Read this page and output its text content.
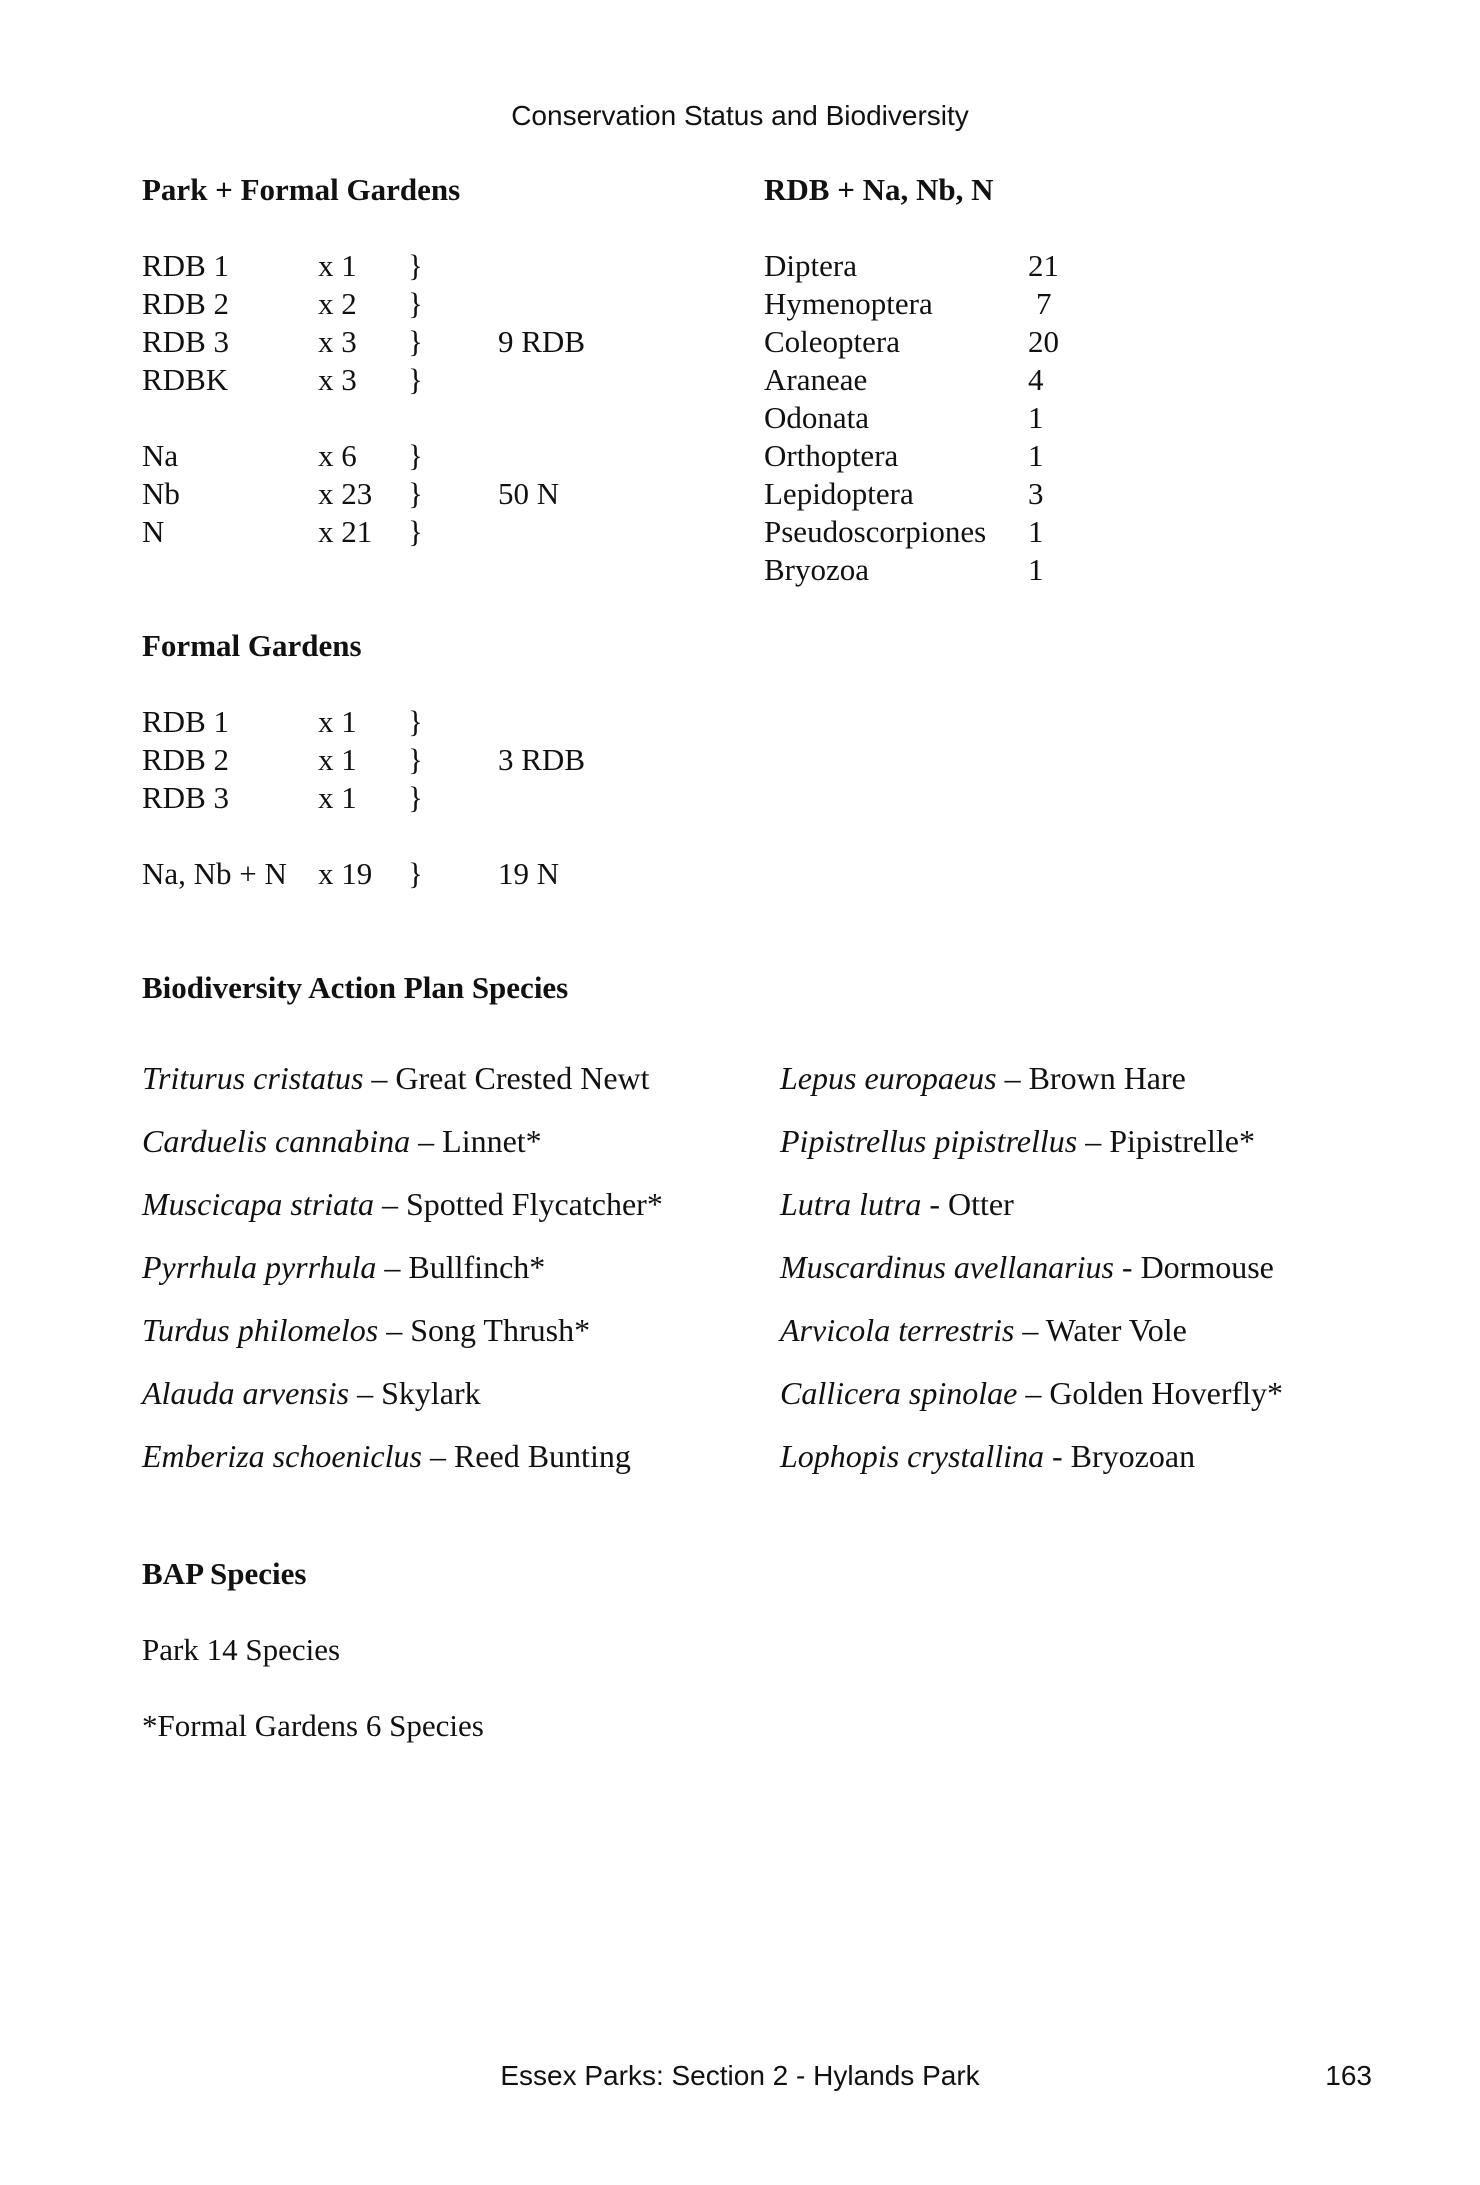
Conservation Status and Biodiversity
Park + Formal Gardens
RDB 1	x 1 }
RDB 2	x 2 }
RDB 3	x 3 } 9 RDB
RDBK	x 3 }
Na	x 6 }
Nb	x 23 } 50 N
N	x 21 }
RDB + Na, Nb, N
Diptera	21
Hymenoptera	7
Coleoptera	20
Araneae	4
Odonata	1
Orthoptera	1
Lepidoptera	3
Pseudoscorpiones 1
Bryozoa	1
Formal Gardens
RDB 1	x 1 }
RDB 2	x 1 } 3 RDB
RDB 3	x 1 }
Na, Nb + N x 19 } 19 N
Biodiversity Action Plan Species
Triturus cristatus – Great Crested Newt
Carduelis cannabina – Linnet*
Muscicapa striata – Spotted Flycatcher*
Pyrrhula pyrrhula – Bullfinch*
Turdus philomelos – Song Thrush*
Alauda arvensis – Skylark
Emberiza schoeniclus – Reed Bunting
Lepus europaeus – Brown Hare
Pipistrellus pipistrellus – Pipistrelle*
Lutra lutra - Otter
Muscardinus avellanarius - Dormouse
Arvicola terrestris – Water Vole
Callicera spinolae – Golden Hoverfly*
Lophopis crystallina - Bryozoan
BAP Species
Park 14 Species
*Formal Gardens 6 Species
Essex Parks: Section 2 - Hylands Park	163
